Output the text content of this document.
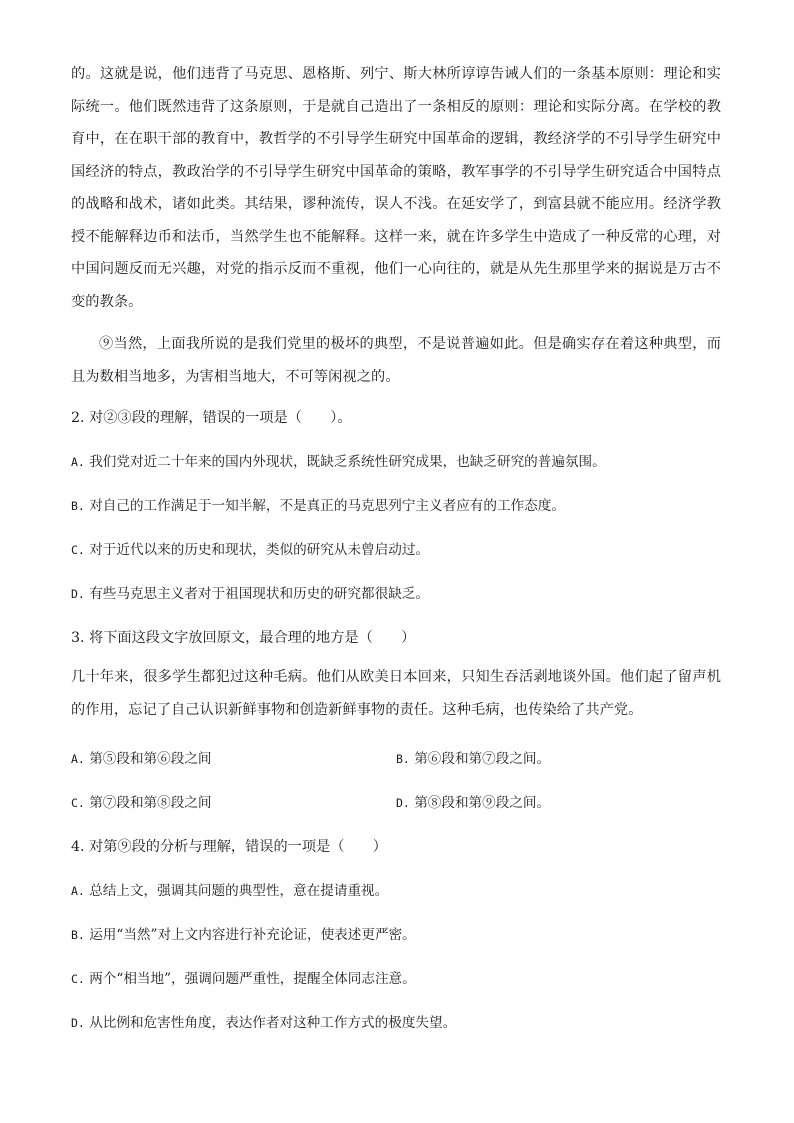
的。这就是说，他们违背了马克思、恩格斯、列宁、斯大林所谆谆告诫人们的一条基本原则：理论和实际统一。他们既然违背了这条原则，于是就自己造出了一条相反的原则：理论和实际分离。在学校的教育中，在在职干部的教育中，教哲学的不引导学生研究中国革命的逻辑，教经济学的不引导学生研究中国经济的特点，教政治学的不引导学生研究中国革命的策略，教军事学的不引导学生研究适合中国特点的战略和战术，诸如此类。其结果，谬种流传，误人不浅。在延安学了，到富县就不能应用。经济学教授不能解释边币和法币，当然学生也不能解释。这样一来，就在许多学生中造成了一种反常的心理，对中国问题反而无兴趣，对党的指示反而不重视，他们一心向往的，就是从先生那里学来的据说是万古不变的教条。

⑨当然，上面我所说的是我们党里的极坏的典型，不是说普遍如此。但是确实存在着这种典型，而且为数相当地多，为害相当地大，不可等闲视之的。

2. 对②③段的理解，错误的一项是（　　）。

A. 我们党对近二十年来的国内外现状，既缺乏系统性研究成果，也缺乏研究的普遍氛围。

B. 对自己的工作满足于一知半解，不是真正的马克思列宁主义者应有的工作态度。

C. 对于近代以来的历史和现状，类似的研究从未曾启动过。

D. 有些马克思主义者对于祖国现状和历史的研究都很缺乏。

3. 将下面这段文字放回原文，最合理的地方是（　　）

几十年来，很多学生都犯过这种毛病。他们从欧美日本回来，只知生吞活剥地谈外国。他们起了留声机的作用，忘记了自己认识新鲜事物和创造新鲜事物的责任。这种毛病，也传染给了共产党。

A. 第⑤段和第⑥段之间	B. 第⑥段和第⑦段之间。
C. 第⑦段和第⑧段之间	D. 第⑧段和第⑨段之间。

4. 对第⑨段的分析与理解，错误的一项是（　　）

A. 总结上文，强调其问题的典型性，意在提请重视。

B. 运用“当然”对上文内容进行补充论证，使表述更严密。

C. 两个“相当地”，强调问题严重性，提醒全体同志注意。

D. 从比例和危害性角度，表达作者对这种工作方式的极度失望。
